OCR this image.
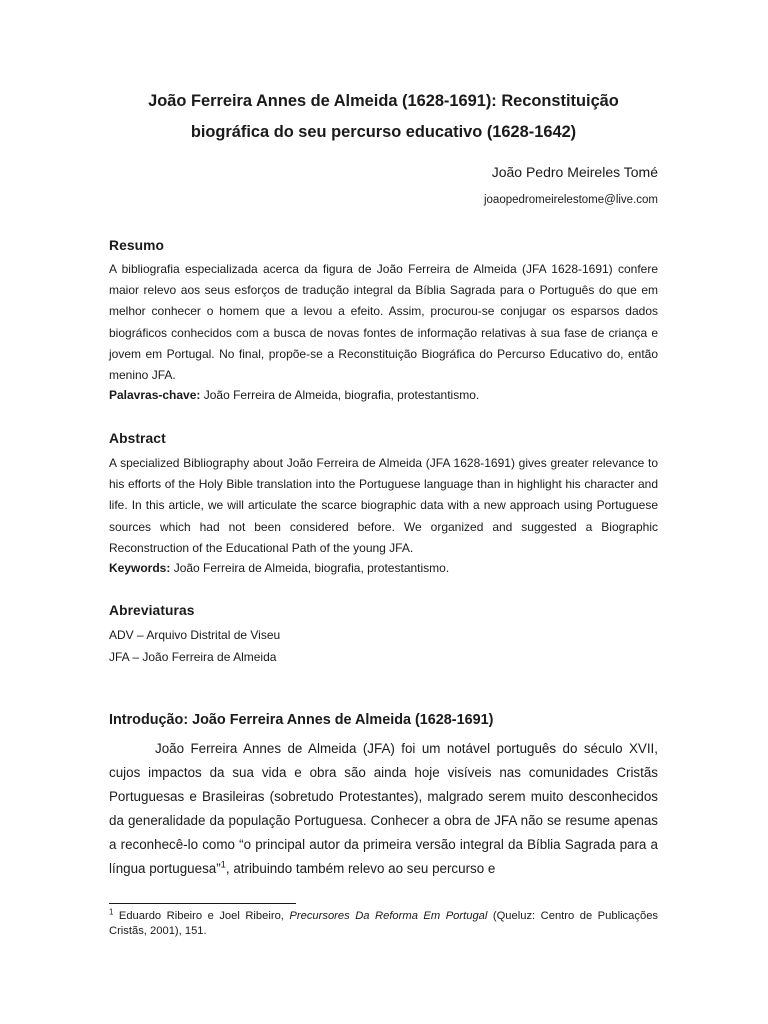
João Ferreira Annes de Almeida (1628-1691): Reconstituição
biográfica do seu percurso educativo (1628-1642)
João Pedro Meireles Tomé
joaopedromeirelestome@live.com
Resumo

A bibliografia especializada acerca da figura de João Ferreira de Almeida (JFA 1628-1691) confere maior relevo aos seus esforços de tradução integral da Bíblia Sagrada para o Português do que em melhor conhecer o homem que a levou a efeito. Assim, procurou-se conjugar os esparsos dados biográficos conhecidos com a busca de novas fontes de informação relativas à sua fase de criança e jovem em Portugal. No final, propõe-se a Reconstituição Biográfica do Percurso Educativo do, então menino JFA.

Palavras-chave: João Ferreira de Almeida, biografia, protestantismo.
Abstract

A specialized Bibliography about João Ferreira de Almeida (JFA 1628-1691) gives greater relevance to his efforts of the Holy Bible translation into the Portuguese language than in highlight his character and life. In this article, we will articulate the scarce biographic data with a new approach using Portuguese sources which had not been considered before. We organized and suggested a Biographic Reconstruction of the Educational Path of the young JFA.

Keywords: João Ferreira de Almeida, biografia, protestantismo.
Abreviaturas
ADV – Arquivo Distrital de Viseu
JFA – João Ferreira de Almeida
Introdução: João Ferreira Annes de Almeida (1628-1691)

João Ferreira Annes de Almeida (JFA) foi um notável português do século XVII, cujos impactos da sua vida e obra são ainda hoje visíveis nas comunidades Cristãs Portuguesas e Brasileiras (sobretudo Protestantes), malgrado serem muito desconhecidos da generalidade da população Portuguesa. Conhecer a obra de JFA não se resume apenas a reconhecê-lo como “o principal autor da primeira versão integral da Bíblia Sagrada para a língua portuguesa”$^1$, atribuindo também relevo ao seu percurso e

$^1$ Eduardo Ribeiro e Joel Ribeiro, Precursores Da Reforma Em Portugal (Queluz: Centro de Publicações Cristãs, 2001), 151.
